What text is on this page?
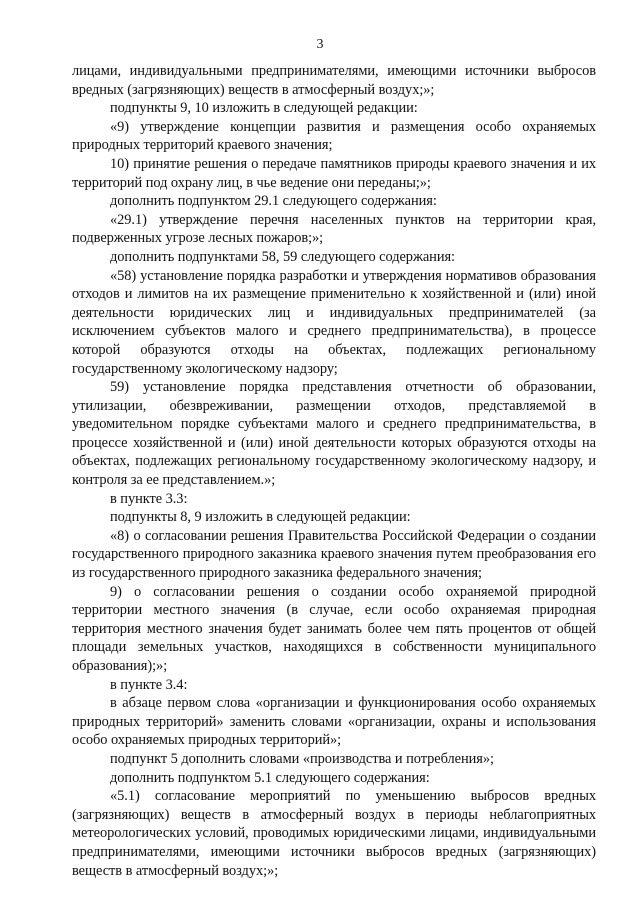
3

лицами, индивидуальными предпринимателями, имеющими источники выбросов вредных (загрязняющих) веществ в атмосферный воздух;»;

подпункты 9, 10 изложить в следующей редакции:

«9) утверждение концепции развития и размещения особо охраняемых природных территорий краевого значения;

10) принятие решения о передаче памятников природы краевого значения и их территорий под охрану лиц, в чье ведение они переданы;»;

дополнить подпунктом 29.1 следующего содержания:

«29.1) утверждение перечня населенных пунктов на территории края, подверженных угрозе лесных пожаров;»;

дополнить подпунктами 58, 59 следующего содержания:

«58) установление порядка разработки и утверждения нормативов образования отходов и лимитов на их размещение применительно к хозяйственной и (или) иной деятельности юридических лиц и индивидуальных предпринимателей (за исключением субъектов малого и среднего предпринимательства), в процессе которой образуются отходы на объектах, подлежащих региональному государственному экологическому надзору;

59) установление порядка представления отчетности об образовании, утилизации, обезвреживании, размещении отходов, представляемой в уведомительном порядке субъектами малого и среднего предпринимательства, в процессе хозяйственной и (или) иной деятельности которых образуются отходы на объектах, подлежащих региональному государственному экологическому надзору, и контроля за ее представлением.»;

в пункте 3.3:

подпункты 8, 9 изложить в следующей редакции:

«8) о согласовании решения Правительства Российской Федерации о создании государственного природного заказника краевого значения путем преобразования его из государственного природного заказника федерального значения;

9) о согласовании решения о создании особо охраняемой природной территории местного значения (в случае, если особо охраняемая природная территория местного значения будет занимать более чем пять процентов от общей площади земельных участков, находящихся в собственности муниципального образования);»;

в пункте 3.4:

в абзаце первом слова «организации и функционирования особо охраняемых природных территорий» заменить словами «организации, охраны и использования особо охраняемых природных территорий»;

подпункт 5 дополнить словами «производства и потребления»;

дополнить подпунктом 5.1 следующего содержания:

«5.1) согласование мероприятий по уменьшению выбросов вредных (загрязняющих) веществ в атмосферный воздух в периоды неблагоприятных метеорологических условий, проводимых юридическими лицами, индивидуальными предпринимателями, имеющими источники выбросов вредных (загрязняющих) веществ в атмосферный воздух;»;
